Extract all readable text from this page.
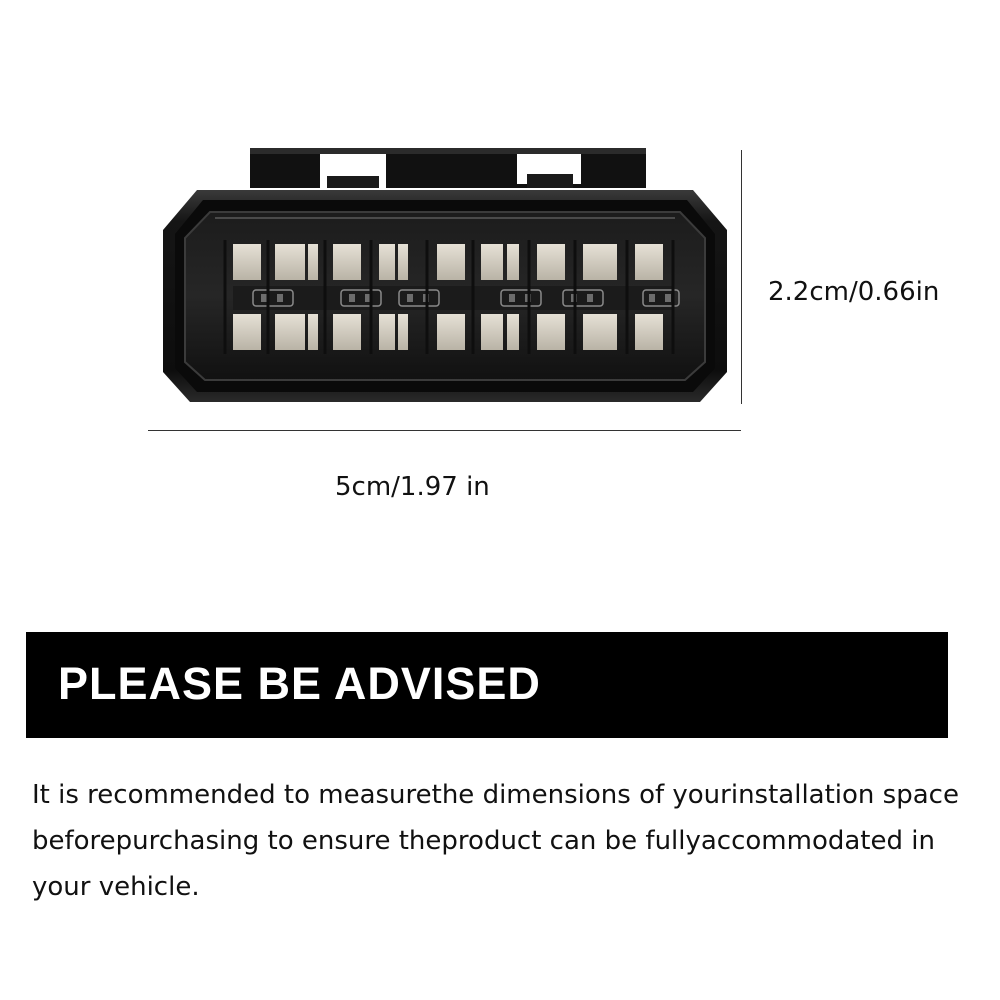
2.2cm/0.66in
5cm/1.97 in
PLEASE BE ADVISED

It is recommended to measurethe dimensions of yourinstallation space beforepurchasing to ensure theproduct can be fullyaccommodated in your vehicle.
